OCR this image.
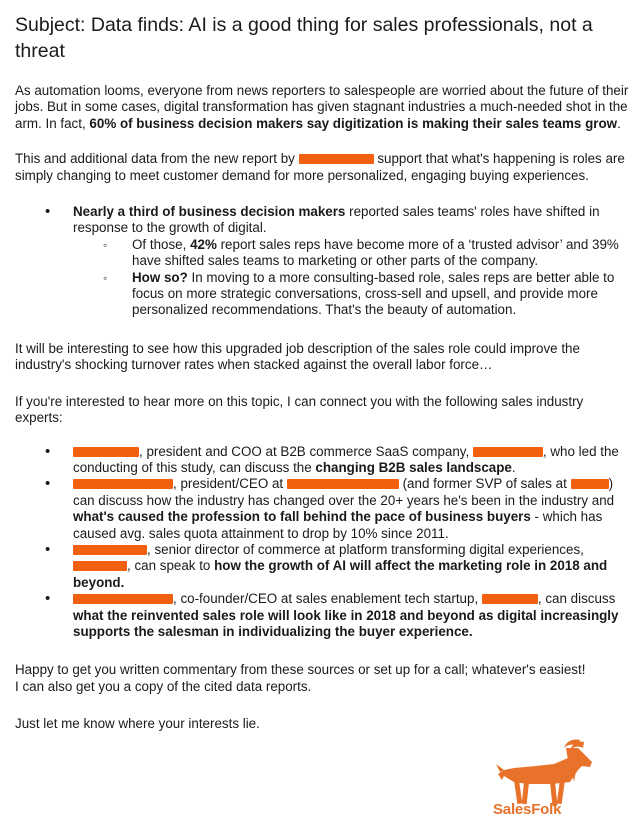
Subject: Data finds: AI is a good thing for sales professionals, not a threat

As automation looms, everyone from news reporters to salespeople are worried about the future of their jobs. But in some cases, digital transformation has given stagnant industries a much-needed shot in the arm. In fact, 60% of business decision makers say digitization is making their sales teams grow.

This and additional data from the new report by	support that what's happening is roles are simply changing to meet customer demand for more personalized, engaging buying experiences.

• Nearly a third of business decision makers reported sales teams' roles have shifted in response to the growth of digital.
◦ Of those, 42% report sales reps have become more of a ‘trusted advisor’ and 39% have shifted sales teams to marketing or other parts of the company.
◦ How so? In moving to a more consulting-based role, sales reps are better able to focus on more strategic conversations, cross-sell and upsell, and provide more personalized recommendations. That's the beauty of automation.

It will be interesting to see how this upgraded job description of the sales role could improve the industry's shocking turnover rates when stacked against the overall labor force…

If you're interested to hear more on this topic, I can connect you with the following sales industry experts:

• , president and COO at B2B commerce SaaS company,	, who led the conducting of this study, can discuss the changing B2B sales landscape.
• , president/CEO at	(and former SVP of sales at	) can discuss how the industry has changed over the 20+ years he's been in the industry and what's caused the profession to fall behind the pace of business buyers - which has caused avg. sales quota attainment to drop by 10% since 2011.
• , senior director of commerce at platform transforming digital experiences, , can speak to how the growth of AI will affect the marketing role in 2018 and beyond.
• , co-founder/CEO at sales enablement tech startup,	, can discuss what the reinvented sales role will look like in 2018 and beyond as digital increasingly supports the salesman in individualizing the buyer experience.

Happy to get you written commentary from these sources or set up for a call; whatever's easiest!
I can also get you a copy of the cited data reports.

Just let me know where your interests lie.

SalesFolk
